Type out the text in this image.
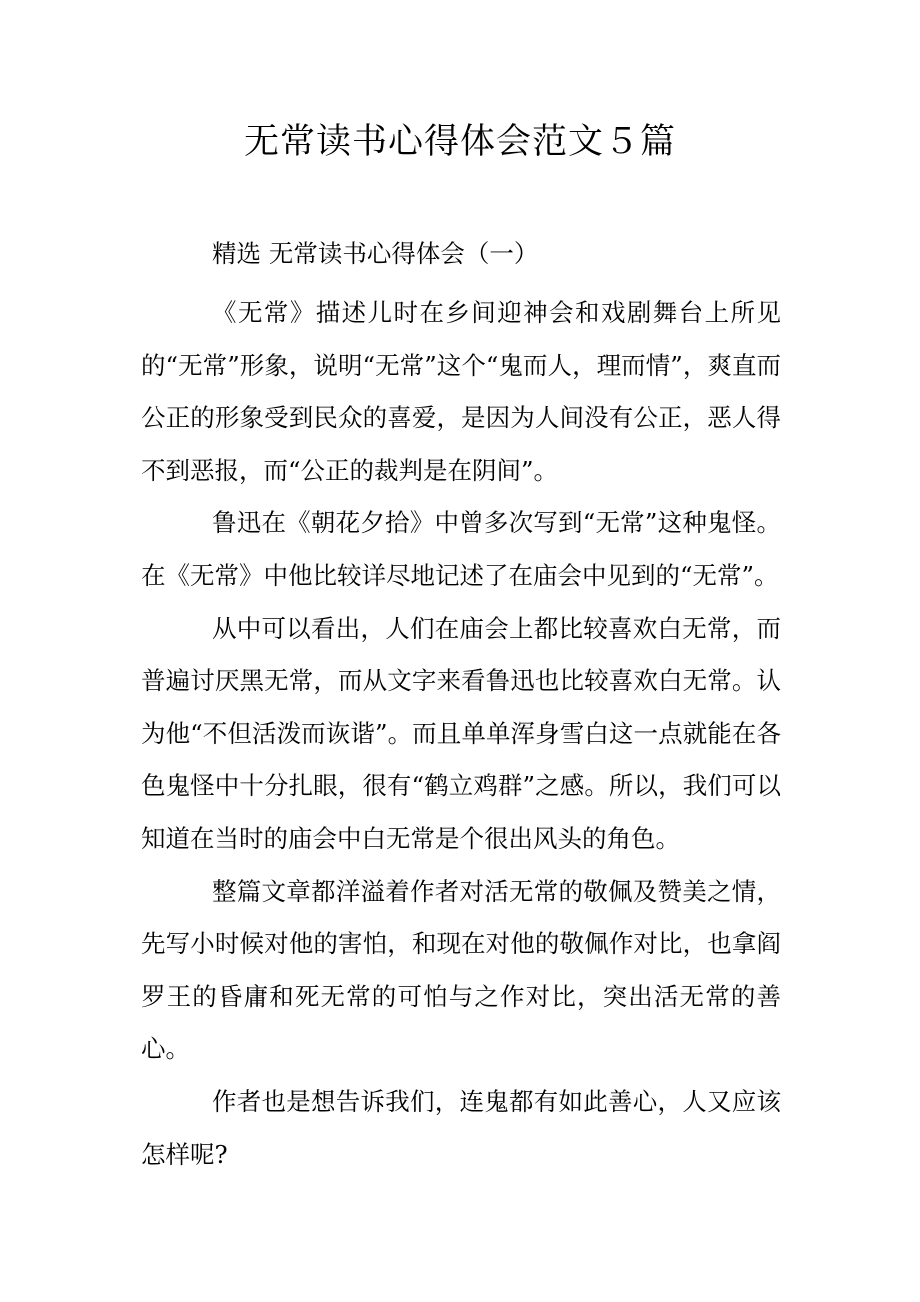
无常读书心得体会范文５篇

精选 无常读书心得体会（一）

《无常》描述儿时在乡间迎神会和戏剧舞台上所见的“无常”形象，说明“无常”这个“鬼而人，理而情”，爽直而公正的形象受到民众的喜爱，是因为人间没有公正，恶人得不到恶报，而“公正的裁判是在阴间”。

鲁迅在《朝花夕拾》中曾多次写到“无常”这种鬼怪。在《无常》中他比较详尽地记述了在庙会中见到的“无常”。

从中可以看出，人们在庙会上都比较喜欢白无常，而普遍讨厌黑无常，而从文字来看鲁迅也比较喜欢白无常。认为他“不但活泼而诙谐”。而且单单浑身雪白这一点就能在各色鬼怪中十分扎眼，很有“鹤立鸡群”之感。所以，我们可以知道在当时的庙会中白无常是个很出风头的角色。

整篇文章都洋溢着作者对活无常的敬佩及赞美之情，先写小时候对他的害怕，和现在对他的敬佩作对比，也拿阎罗王的昏庸和死无常的可怕与之作对比，突出活无常的善心。

作者也是想告诉我们，连鬼都有如此善心，人又应该怎样呢?
